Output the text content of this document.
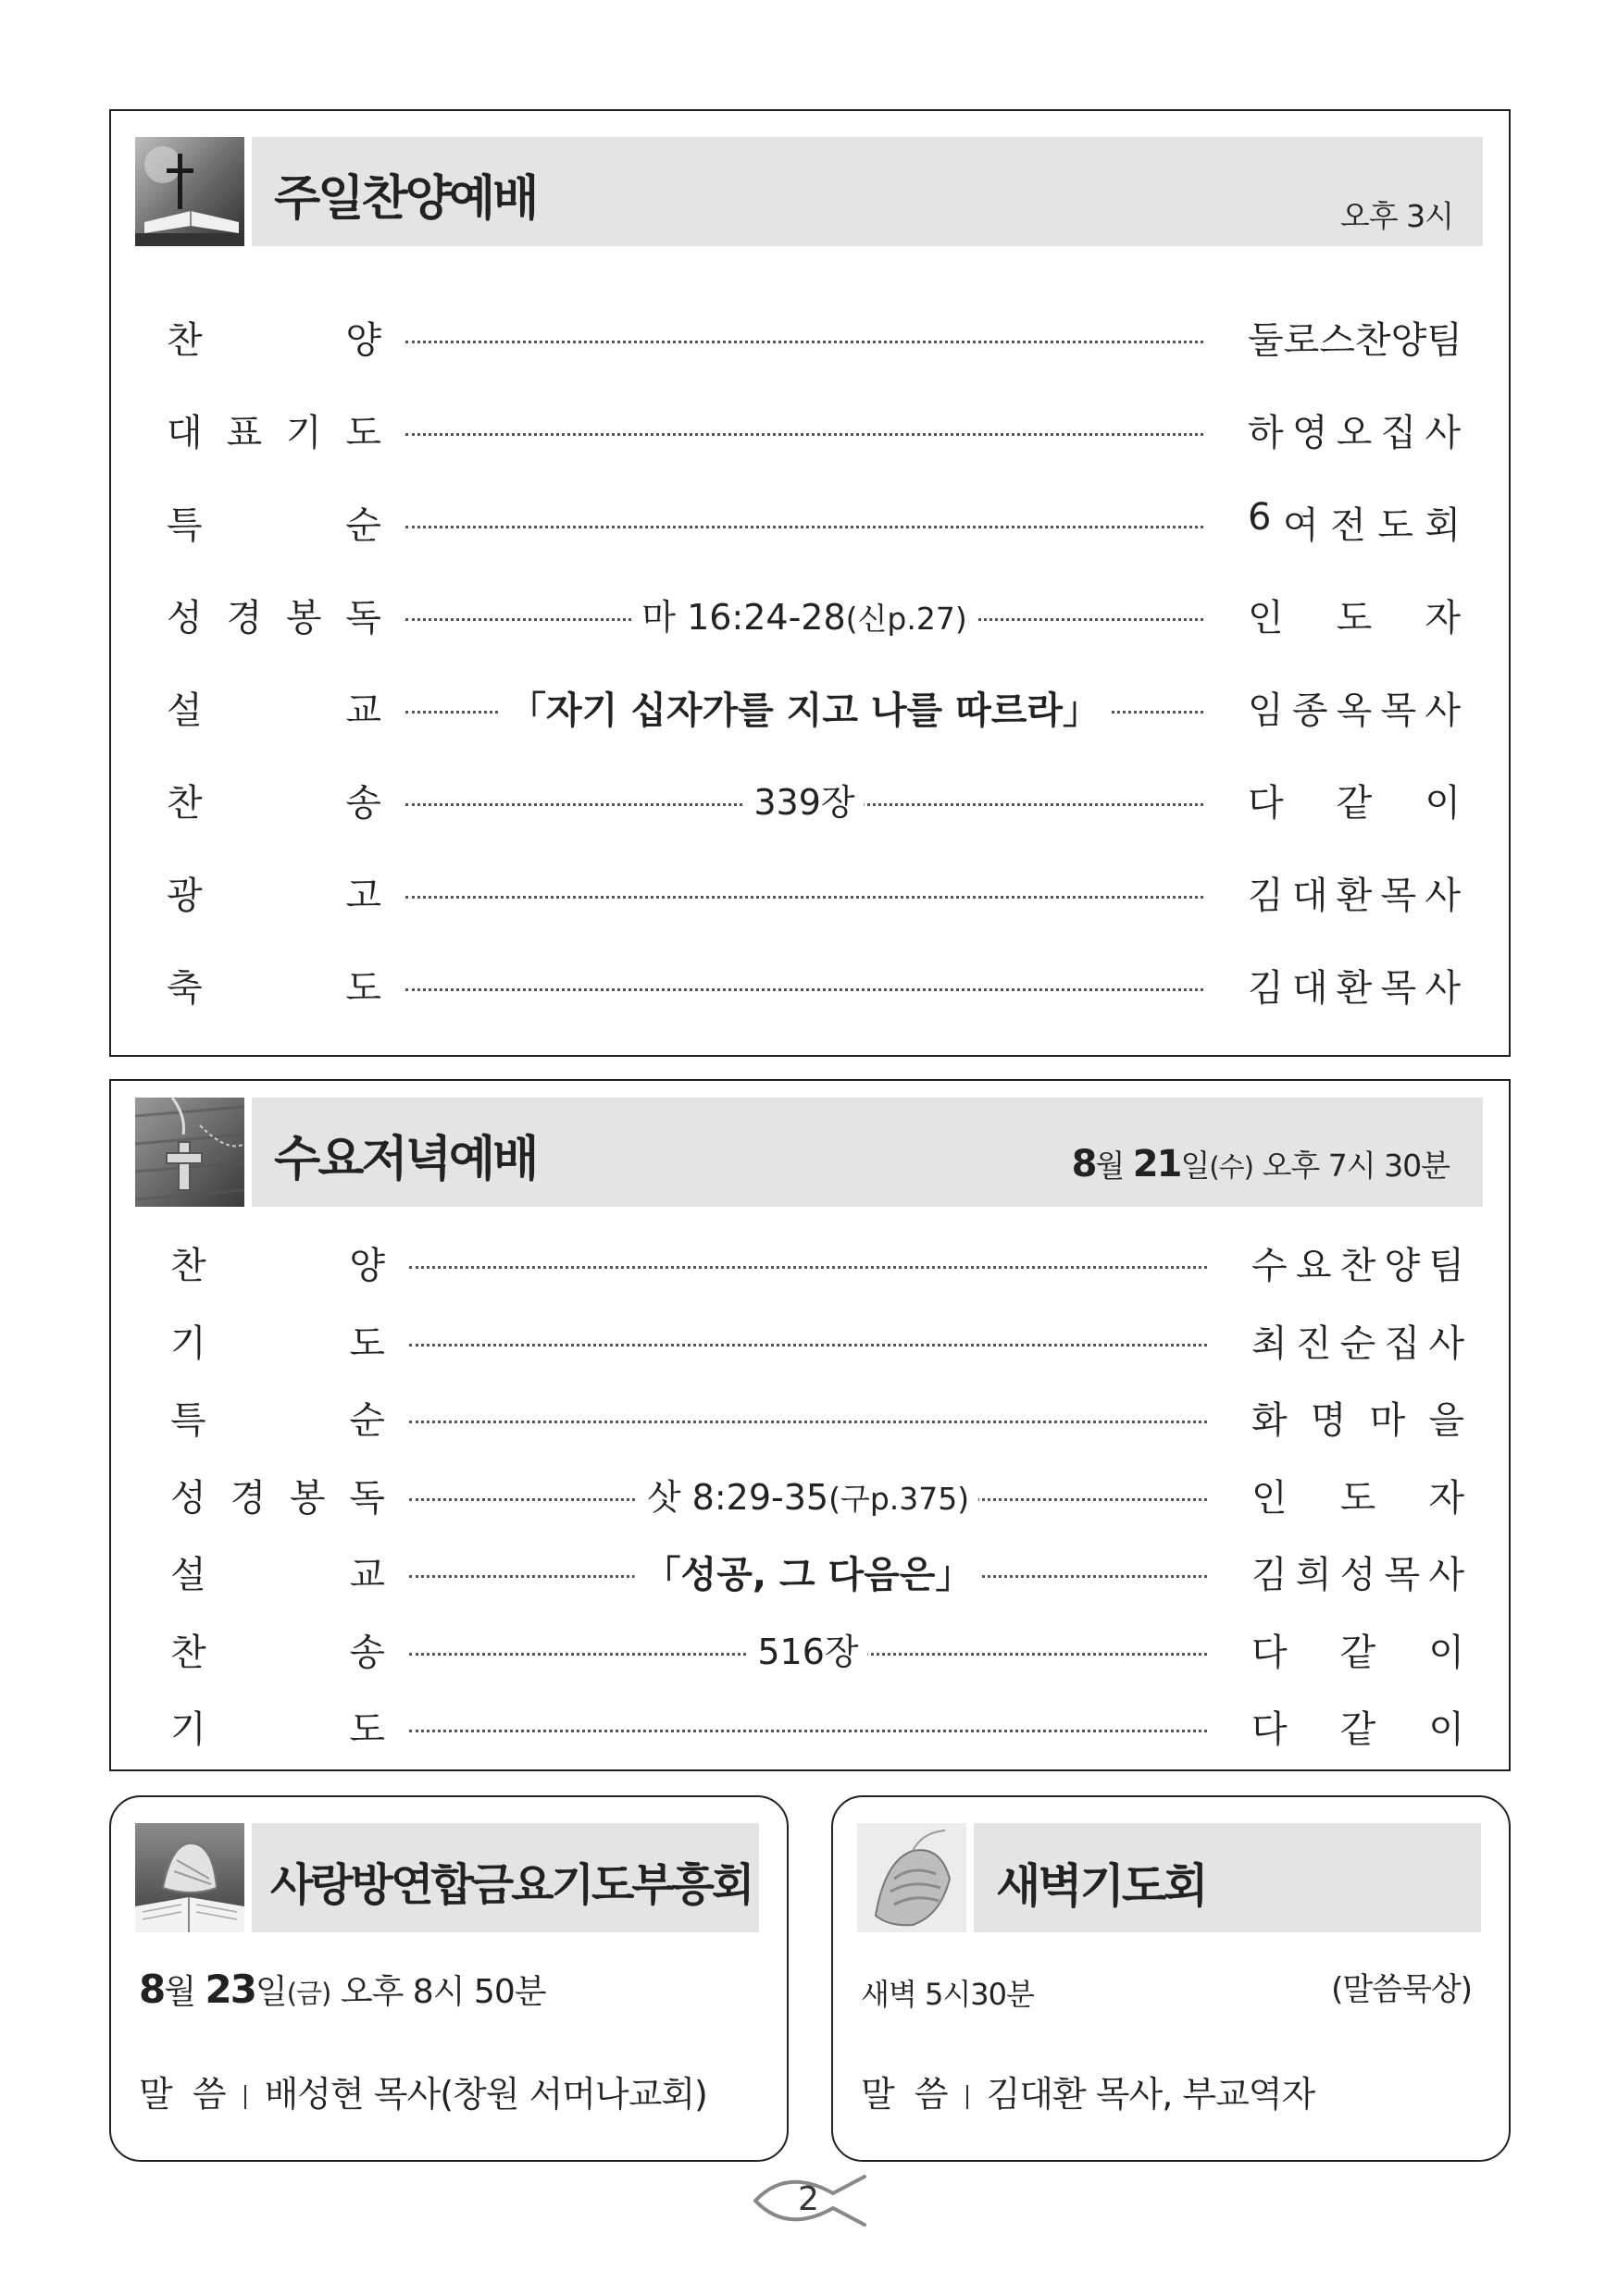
주일찬양예배	오후 3시
찬	양	둘 로 스 찬 양 팀
대 표 기 도	하 영 오 집 사
특	순	6 여 전 도 회
성 경 봉 독	마 16:24-28(신p.27)	인 도 자
설	교	「자기 십자가를 지고 나를 따르라」	임 종 옥 목 사
찬	송	339장	다 같 이
광	고	김 대 환 목 사
축	도	김 대 환 목 사
수요저녁예배	8월 21일(수) 오후 7시 30분
찬	양	수 요 찬 양 팀
기	도	최 진 순 집 사
특	순	화 명 마 을
성 경 봉 독	삿 8:29-35(구p.375)	인 도 자
설	교	「성공, 그 다음은」	김 희 성 목 사
찬	송	516장	다 같 이
기	도	다 같 이
사랑방연합금요기도부흥회
8월 23일(금) 오후 8시 50분
말  씀 배성현 목사(창원 서머나교회)
새벽기도회
새벽 5시30분	(말씀묵상)
말  씀 김대환 목사, 부교역자
2
